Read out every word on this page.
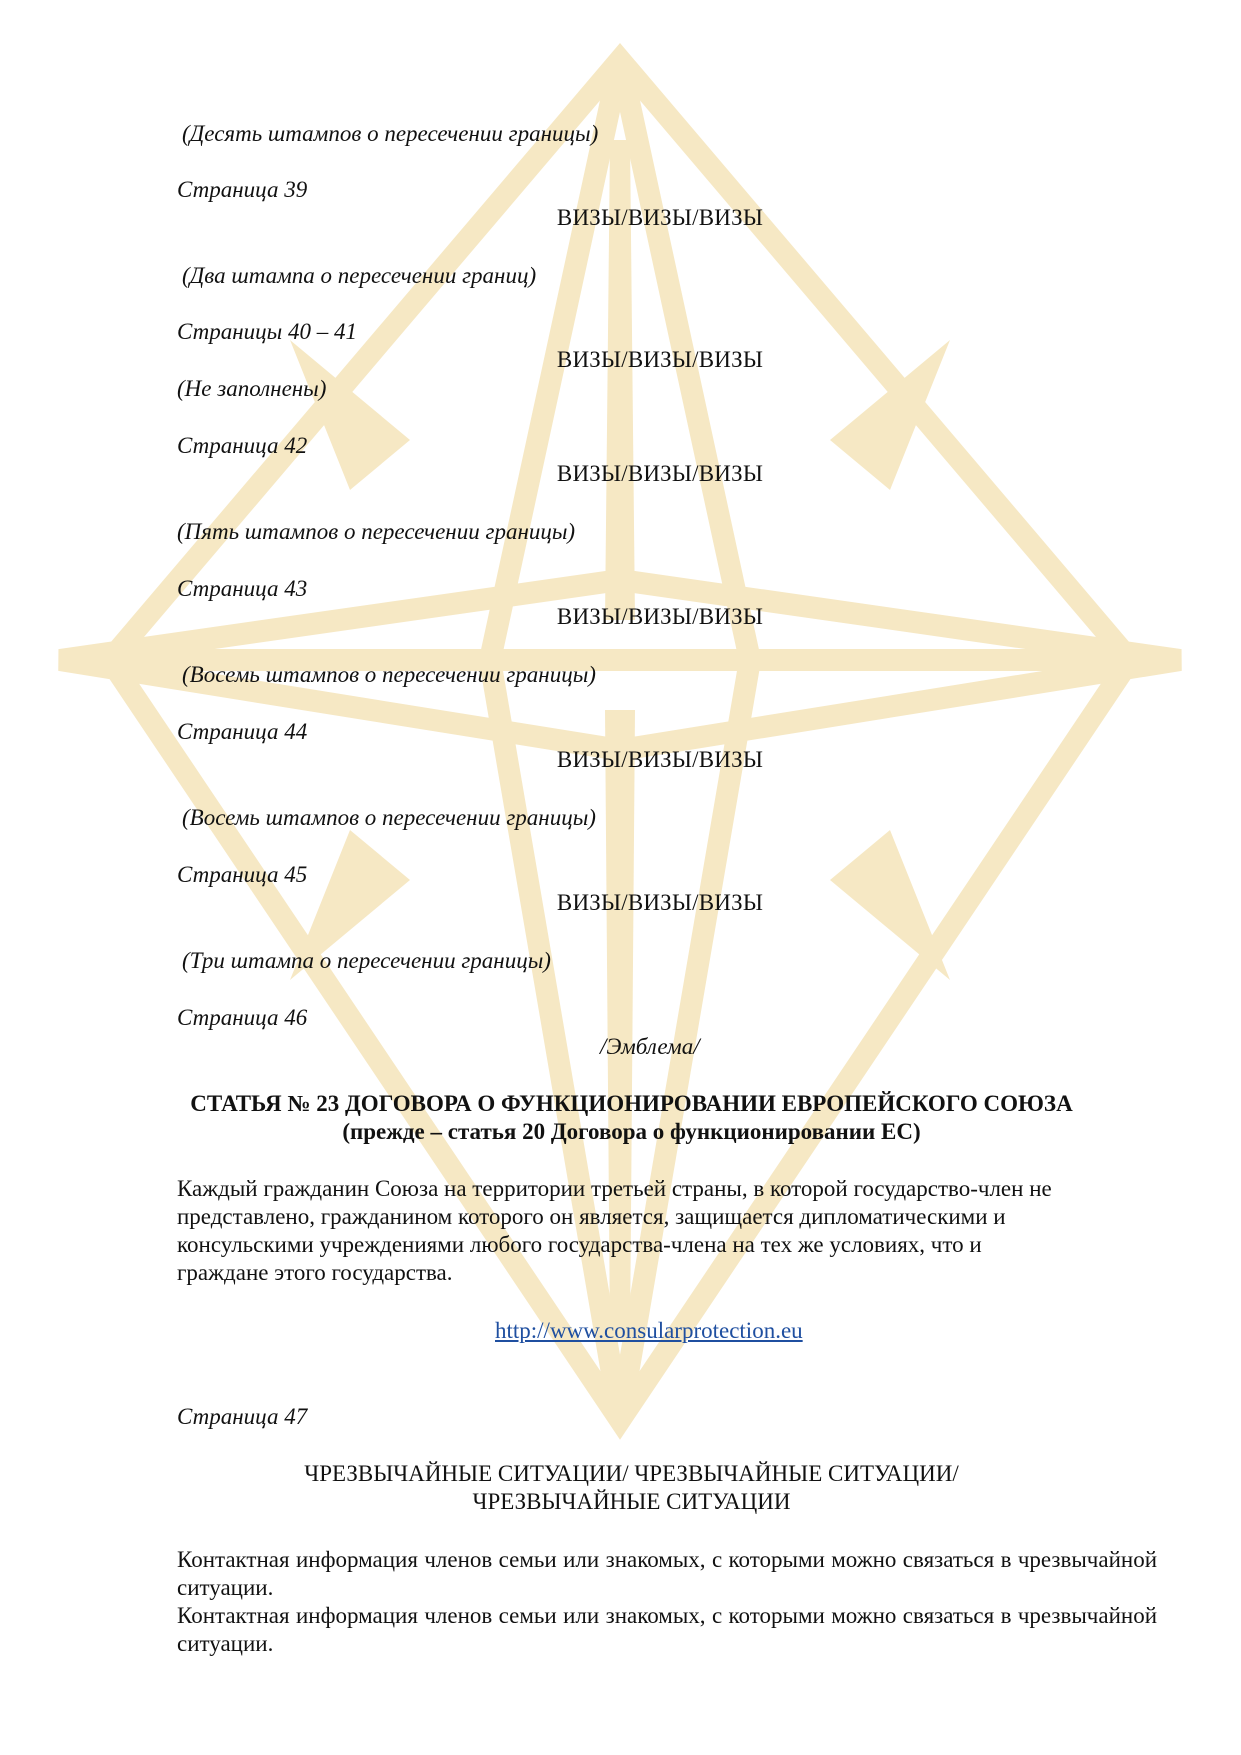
(Десять штампов о пересечении границы)
Страница 39
ВИЗЫ/ВИЗЫ/ВИЗЫ
(Два штампа о пересечении границ)
Страницы 40 – 41
ВИЗЫ/ВИЗЫ/ВИЗЫ
(Не заполнены)
Страница 42
ВИЗЫ/ВИЗЫ/ВИЗЫ
(Пять штампов о пересечении границы)
Страница 43
ВИЗЫ/ВИЗЫ/ВИЗЫ
(Восемь штампов о пересечении границы)
Страница 44
ВИЗЫ/ВИЗЫ/ВИЗЫ
(Восемь штампов о пересечении границы)
Страница 45
ВИЗЫ/ВИЗЫ/ВИЗЫ
(Три штампа о пересечении границы)
Страница 46
/Эмблема/
СТАТЬЯ № 23 ДОГОВОРА О ФУНКЦИОНИРОВАНИИ ЕВРОПЕЙСКОГО СОЮЗА
(прежде – статья 20 Договора о функционировании ЕС)
Каждый гражданин Союза на территории третьей страны, в которой государство-член не
представлено, гражданином которого он является, защищается дипломатическими и
консульскими учреждениями любого государства-члена на тех же условиях, что и
граждане этого государства.
http://www.consularprotection.eu
Страница 47
ЧРЕЗВЫЧАЙНЫЕ СИТУАЦИИ/ ЧРЕЗВЫЧАЙНЫЕ СИТУАЦИИ/
ЧРЕЗВЫЧАЙНЫЕ СИТУАЦИИ
Контактная информация членов семьи или знакомых, с которыми можно связаться в чрезвычайной ситуации.
Контактная информация членов семьи или знакомых, с которыми можно связаться в чрезвычайной ситуации.
